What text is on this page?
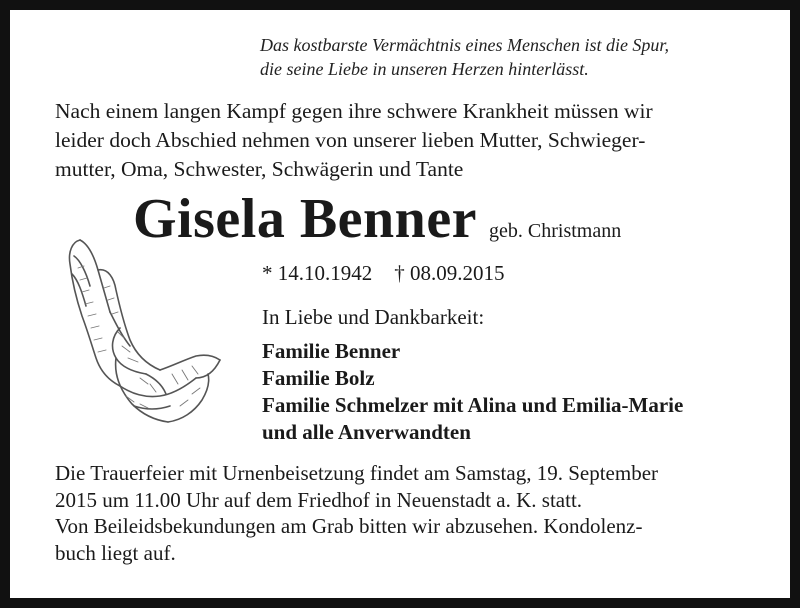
Das kostbarste Vermächtnis eines Menschen ist die Spur,
die seine Liebe in unseren Herzen hinterlässt.
Nach einem langen Kampf gegen ihre schwere Krankheit müssen wir
leider doch Abschied nehmen von unserer lieben Mutter, Schwieger-
mutter, Oma, Schwester, Schwägerin und Tante
Gisela Benner geb. Christmann
* 14.10.1942 † 08.09.2015
In Liebe und Dankbarkeit:
Familie Benner
Familie Bolz
Familie Schmelzer mit Alina und Emilia-Marie
und alle Anverwandten
Die Trauerfeier mit Urnenbeisetzung findet am Samstag, 19. September
2015 um 11.00 Uhr auf dem Friedhof in Neuenstadt a. K. statt.
Von Beileidsbekundungen am Grab bitten wir abzusehen. Kondolenz-
buch liegt auf.
